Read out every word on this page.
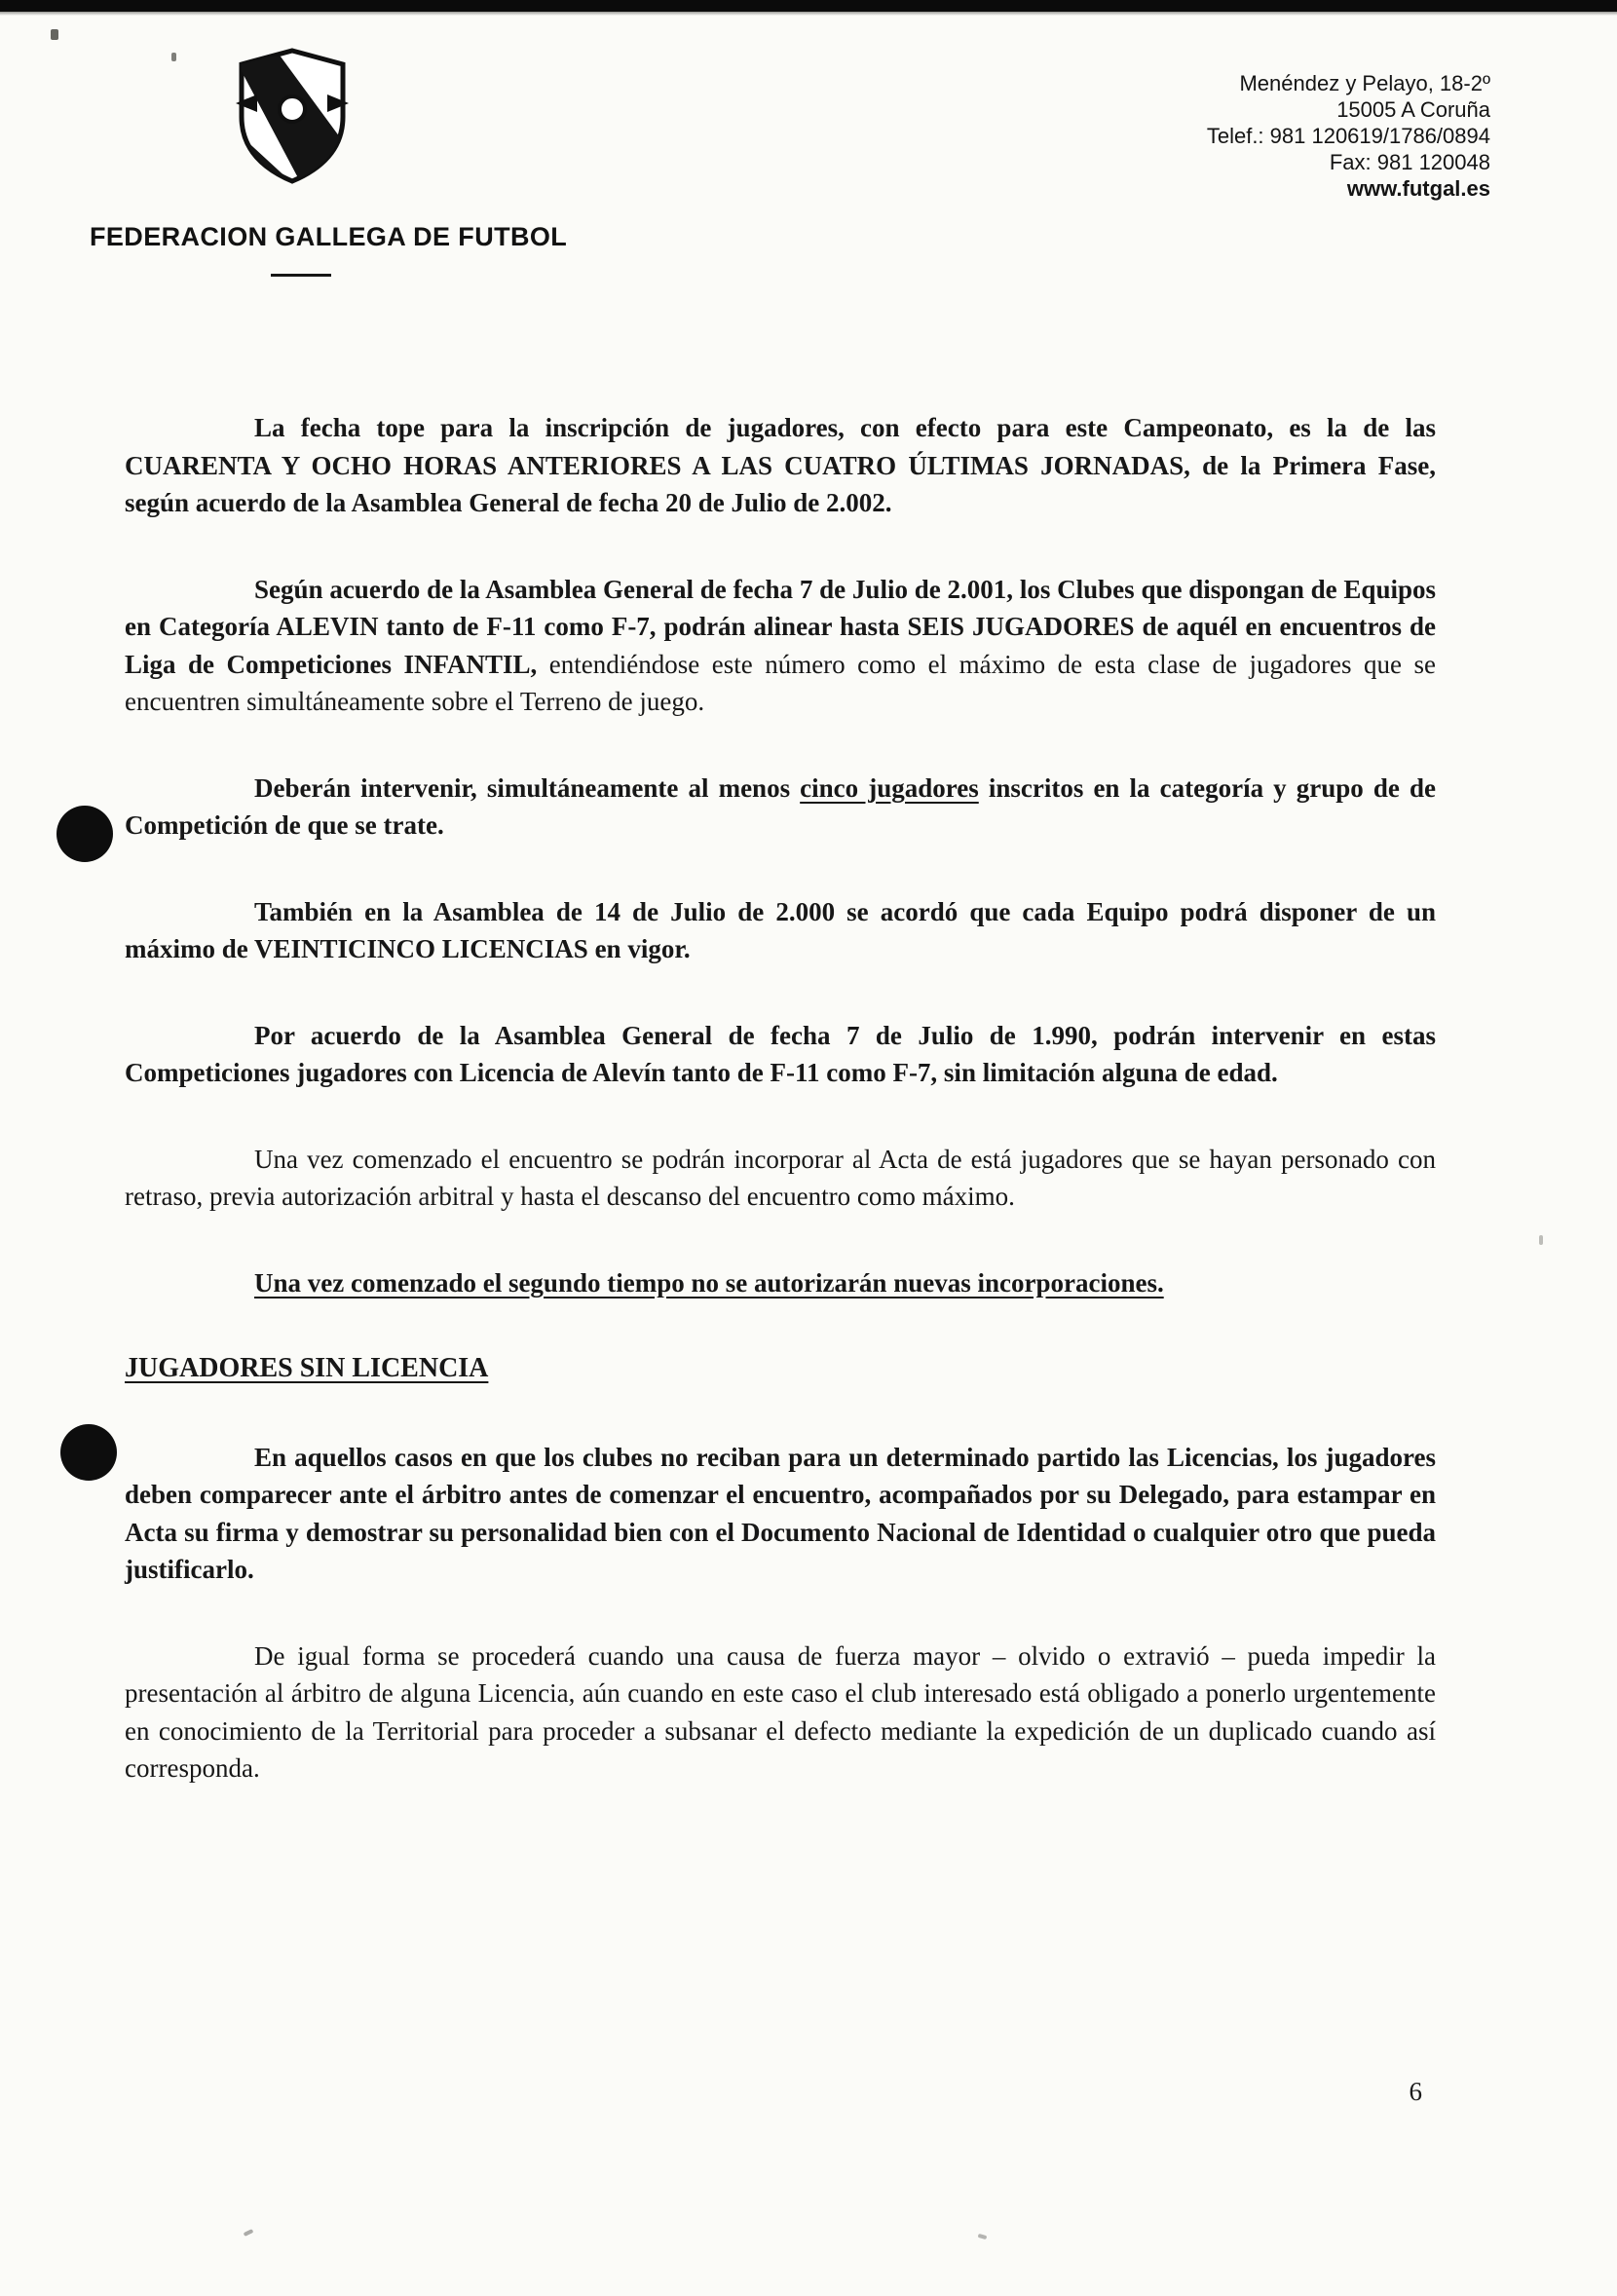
FEDERACION GALLEGA DE FUTBOL
Menéndez y Pelayo, 18-2º
15005 A Coruña
Telef.: 981 120619/1786/0894
Fax: 981 120048
www.futgal.es

La fecha tope para la inscripción de jugadores, con efecto para este Campeonato, es la de las CUARENTA Y OCHO HORAS ANTERIORES A LAS CUATRO ÚLTIMAS JORNADAS, de la Primera Fase, según acuerdo de la Asamblea General de fecha 20 de Julio de 2.002.

Según acuerdo de la Asamblea General de fecha 7 de Julio de 2.001, los Clubes que dispongan de Equipos en Categoría ALEVIN tanto de F-11 como F-7, podrán alinear hasta SEIS JUGADORES de aquél en encuentros de Liga de Competiciones INFANTIL, entendiéndose este número como el máximo de esta clase de jugadores que se encuentren simultáneamente sobre el Terreno de juego.

Deberán intervenir, simultáneamente al menos cinco jugadores inscritos en la categoría y grupo de de Competición de que se trate.

También en la Asamblea de 14 de Julio de 2.000 se acordó que cada Equipo podrá disponer de un máximo de VEINTICINCO LICENCIAS en vigor.

Por acuerdo de la Asamblea General de fecha 7 de Julio de 1.990, podrán intervenir en estas Competiciones jugadores con Licencia de Alevín tanto de F-11 como F-7, sin limitación alguna de edad.

Una vez comenzado el encuentro se podrán incorporar al Acta de está jugadores que se hayan personado con retraso, previa autorización arbitral y hasta el descanso del encuentro como máximo.

Una vez comenzado el segundo tiempo no se autorizarán nuevas incorporaciones.

JUGADORES SIN LICENCIA

En aquellos casos en que los clubes no reciban para un determinado partido las Licencias, los jugadores deben comparecer ante el árbitro antes de comenzar el encuentro, acompañados por su Delegado, para estampar en Acta su firma y demostrar su personalidad bien con el Documento Nacional de Identidad o cualquier otro que pueda justificarlo.

De igual forma se procederá cuando una causa de fuerza mayor – olvido o extravió – pueda impedir la presentación al árbitro de alguna Licencia, aún cuando en este caso el club interesado está obligado a ponerlo urgentemente en conocimiento de la Territorial para proceder a subsanar el defecto mediante la expedición de un duplicado cuando así corresponda.

6
